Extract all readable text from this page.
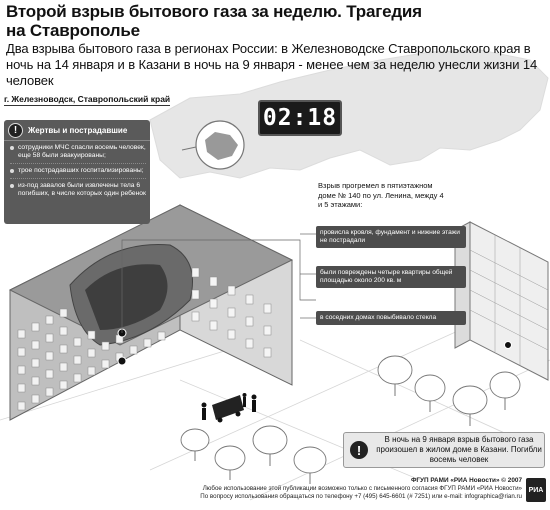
Второй взрыв бытового газа за неделю. Трагедия на Ставрополье
Два взрыва бытового газа в регионах России: в Железноводске Ставропольского края в ночь на 14 января и в Казани в ночь на 9 января - менее чем за неделю унесли жизни 14 человек
г. Железноводск, Ставропольский край
02:18
!	Жертвы и пострадавшие
сотрудники МЧС спасли восемь человек, еще 58 были эвакуированы;
трое пострадавших госпитализированы;
из-под завалов были извлечены тела 6 погибших, в числе которых один ребенок
Взрыв прогремел в пятиэтажном доме № 140 по ул. Ленина, между 4 и 5 этажами:
провисла кровля, фундамент и нижние этажи не пострадали
были повреждены четыре квартиры общей площадью около 200 кв. м
в соседних домах повыбивало стекла
!
В ночь на 9 января взрыв бытового газа произошел в жилом доме в Казани. Погибли восемь человек
ФГУП РАМИ «РИА Новости» © 2007
Любое использование этой публикации возможно только с письменного согласия ФГУП РАМИ «РИА Новости»
По вопросу использования обращаться по телефону +7 (495) 645-6601 (# 7251) или e-mail: infographica@rian.ru
РИА
